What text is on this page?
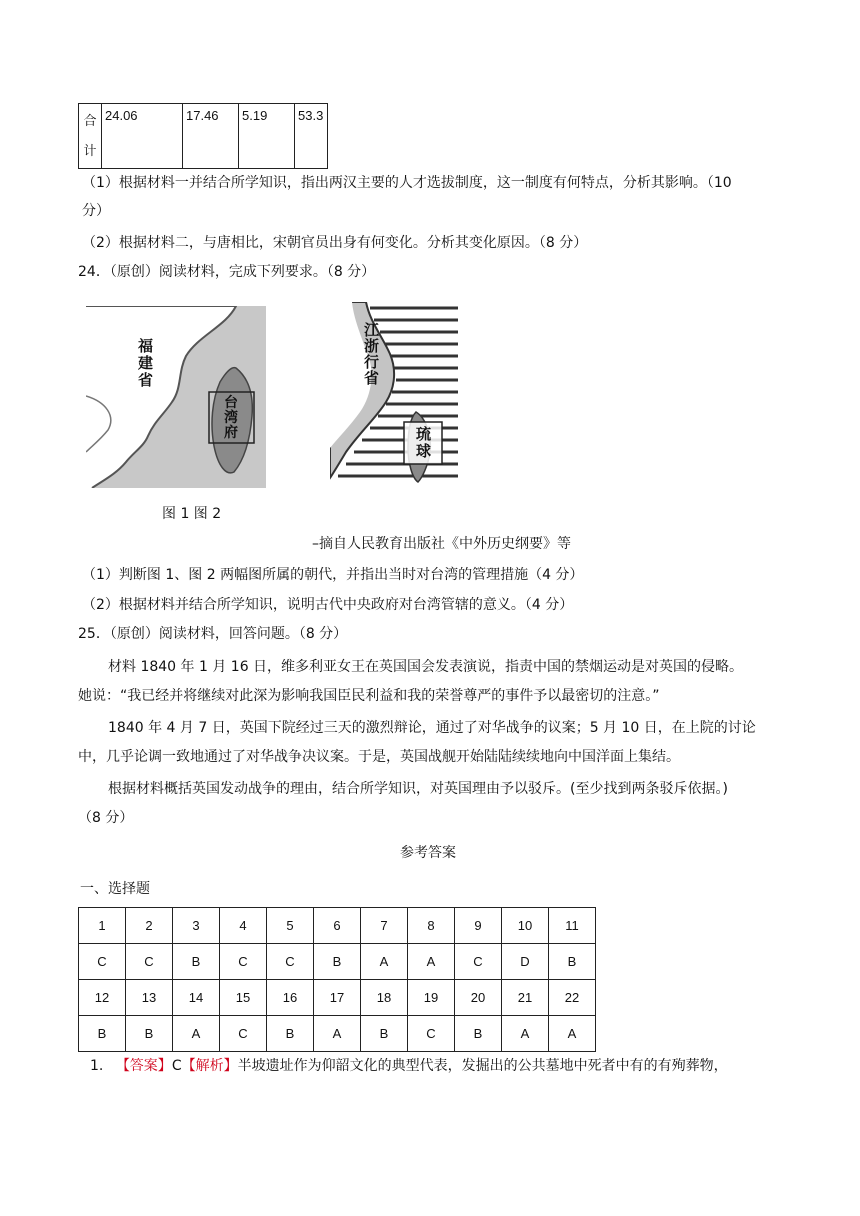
合
计	24.06	17.46	5.19	53.3
（1）根据材料一并结合所学知识，指出两汉主要的人才选拔制度，这一制度有何特点，分析其影响。（10
分）
（2）根据材料二，与唐相比，宋朝官员出身有何变化。分析其变化原因。（8 分）
24．（原创）阅读材料，完成下列要求。（8 分）
福建省
台湾府
江浙行省
琉球
图 1 图 2
–摘自人民教育出版社《中外历史纲要》等
（1）判断图 1、图 2 两幅图所属的朝代，并指出当时对台湾的管理措施（4 分）
（2）根据材料并结合所学知识，说明古代中央政府对台湾管辖的意义。（4 分）
25．（原创）阅读材料，回答问题。（8 分）
材料 1840 年 1 月 16 日，维多利亚女王在英国国会发表演说，指责中国的禁烟运动是对英国的侵略。
她说：“我已经并将继续对此深为影响我国臣民利益和我的荣誉尊严的事件予以最密切的注意。”
1840 年 4 月 7 日，英国下院经过三天的激烈辩论，通过了对华战争的议案；5 月 10 日，在上院的讨论
中，几乎论调一致地通过了对华战争决议案。于是，英国战舰开始陆陆续续地向中国洋面上集结。
根据材料概括英国发动战争的理由，结合所学知识，对英国理由予以驳斥。(至少找到两条驳斥依据。)
（8 分）
参考答案
一、选择题
1	2	3	4	5	6	7	8	9	10	11
C	C	B	C	C	B	A	A	C	D	B
12	13	14	15	16	17	18	19	20	21	22
B	B	A	C	B	A	B	C	B	A	A
1. 【答案】C【解析】半坡遗址作为仰韶文化的典型代表，发掘出的公共墓地中死者中有的有殉葬物，
